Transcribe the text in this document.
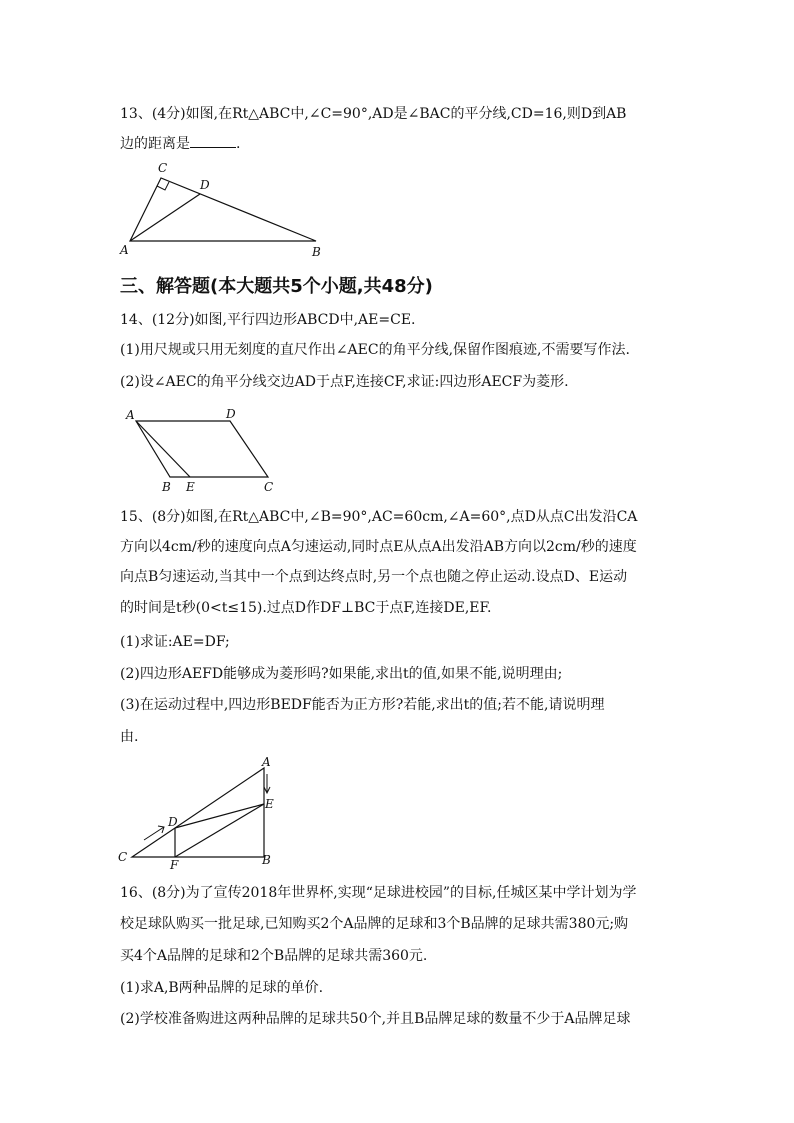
13、(4分)如图,在Rt△ABC中,∠C=90°,AD是∠BAC的平分线,CD=16,则D到AB
边的距离是	.
C
D
A	B
三、解答题(本大题共5个小题,共48分)
14、(12分)如图,平行四边形ABCD中,AE=CE.
(1)用尺规或只用无刻度的直尺作出∠AEC的角平分线,保留作图痕迹,不需要写作法.
(2)设∠AEC的角平分线交边AD于点F,连接CF,求证:四边形AECF为菱形.
A	D
B E	C
15、(8分)如图,在Rt△ABC中,∠B=90°,AC=60cm,∠A=60°,点D从点C出发沿CA
方向以4cm/秒的速度向点A匀速运动,同时点E从点A出发沿AB方向以2cm/秒的速度
向点B匀速运动,当其中一个点到达终点时,另一个点也随之停止运动.设点D、E运动
的时间是t秒(0<t≤15).过点D作DF⊥BC于点F,连接DE,EF.
(1)求证:AE=DF;
(2)四边形AEFD能够成为菱形吗?如果能,求出t的值,如果不能,说明理由;
(3)在运动过程中,四边形BEDF能否为正方形?若能,求出t的值;若不能,请说明理
由.
A
E
D
C
F	B
16、(8分)为了宣传2018年世界杯,实现“足球进校园”的目标,任城区某中学计划为学
校足球队购买一批足球,已知购买2个A品牌的足球和3个B品牌的足球共需380元;购
买4个A品牌的足球和2个B品牌的足球共需360元.
(1)求A,B两种品牌的足球的单价.
(2)学校准备购进这两种品牌的足球共50个,并且B品牌足球的数量不少于A品牌足球
